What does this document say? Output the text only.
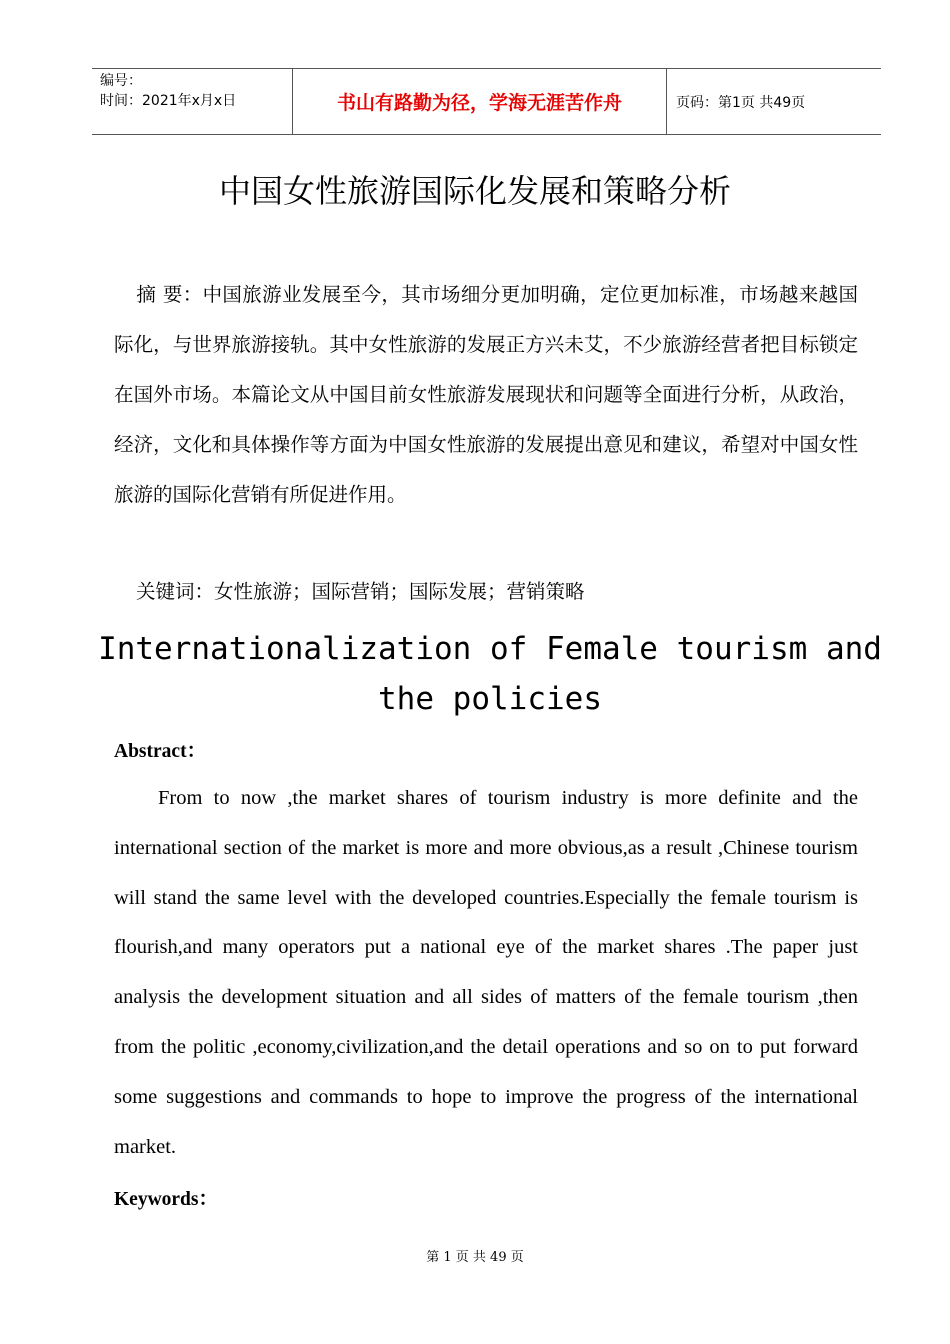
编号：
时间：2021年x月x日	书山有路勤为径，学海无涯苦作舟	页码：第1页 共49页
中国女性旅游国际化发展和策略分析
摘 要：中国旅游业发展至今，其市场细分更加明确，定位更加标准，市场越来越国际化，与世界旅游接轨。其中女性旅游的发展正方兴未艾，不少旅游经营者把目标锁定在国外市场。本篇论文从中国目前女性旅游发展现状和问题等全面进行分析，从政治，经济，文化和具体操作等方面为中国女性旅游的发展提出意见和建议，希望对中国女性旅游的国际化营销有所促进作用。
关键词：女性旅游；国际营销；国际发展；营销策略
Internationalization of Female tourism and the policies
Abstract：
From to now ,the market shares of tourism industry is more definite and the international section of the market is more and more obvious,as a result ,Chinese tourism will stand the same level with the developed countries.Especially the female tourism is flourish,and many operators put a national eye of the market shares .The paper just analysis the development situation and all sides of matters of the female tourism ,then from the politic ,economy,civilization,and the detail operations and so on to put forward some suggestions and commands to hope to improve the progress of the international market.
Keywords：
第 1 页 共 49 页
